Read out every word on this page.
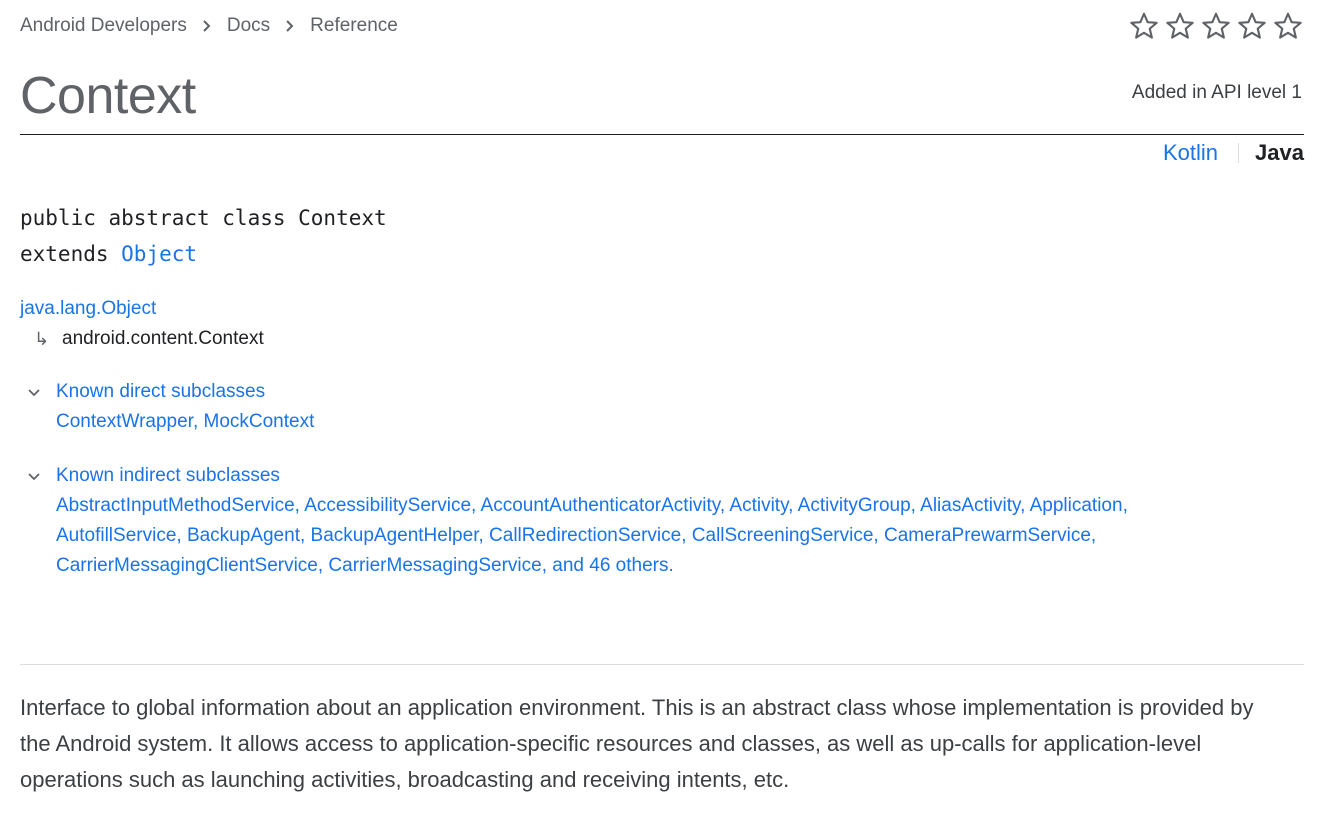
Android Developers Docs Reference
Context	Added in API level 1
Kotlin Java
public abstract class Context
extends Object
java.lang.Object
↳ android.content.Context
Known direct subclasses
ContextWrapper, MockContext
Known indirect subclasses
AbstractInputMethodService, AccessibilityService, AccountAuthenticatorActivity, Activity, ActivityGroup, AliasActivity, Application,
AutofillService, BackupAgent, BackupAgentHelper, CallRedirectionService, CallScreeningService, CameraPrewarmService,
CarrierMessagingClientService, CarrierMessagingService, and 46 others.

Interface to global information about an application environment. This is an abstract class whose implementation is provided by the Android system. It allows access to application-specific resources and classes, as well as up-calls for application-level operations such as launching activities, broadcasting and receiving intents, etc.
